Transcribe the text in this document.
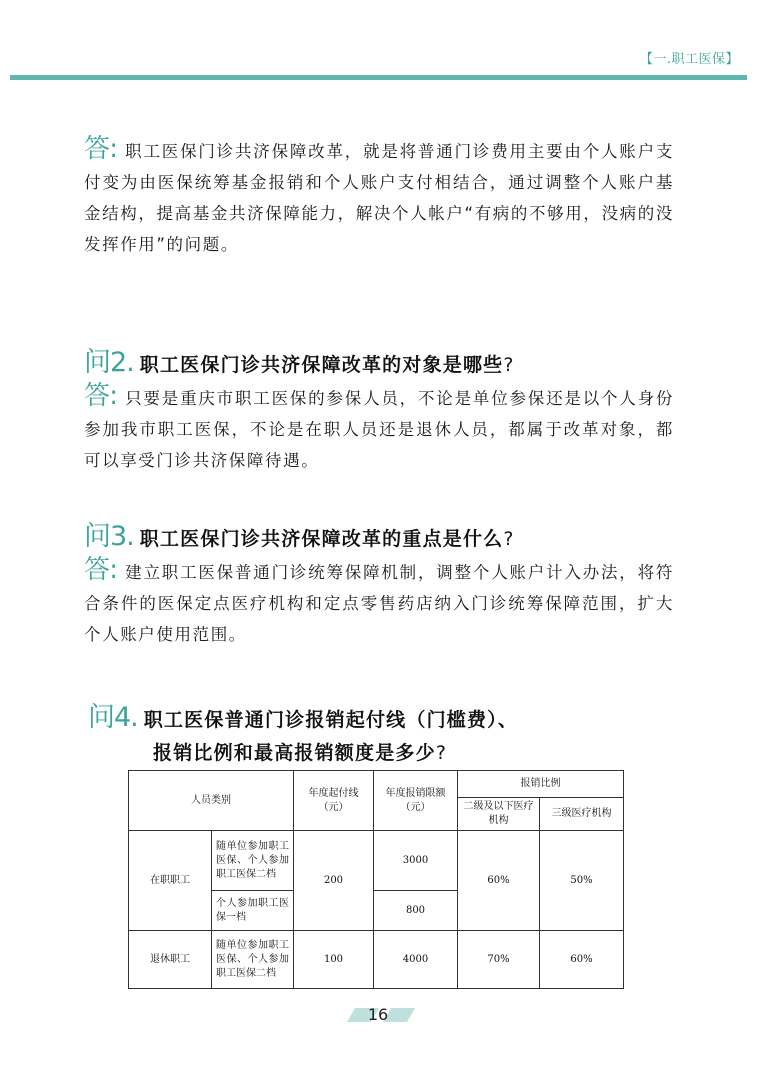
【一.职工医保】
答: 职工医保门诊共济保障改革，就是将普通门诊费用主要由个人账户支付变为由医保统筹基金报销和个人账户支付相结合，通过调整个人账户基金结构，提高基金共济保障能力，解决个人帐户“有病的不够用，没病的没发挥作用”的问题。
问2. 职工医保门诊共济保障改革的对象是哪些 ?
答: 只要是重庆市职工医保的参保人员，不论是单位参保还是以个人身份参加我市职工医保，不论是在职人员还是退休人员，都属于改革对象，都可以享受门诊共济保障待遇。
问3. 职工医保门诊共济保障改革的重点是什么 ?
答: 建立职工医保普通门诊统筹保障机制，调整个人账户计入办法，将符合条件的医保定点医疗机构和定点零售药店纳入门诊统筹保障范围，扩大个人账户使用范围。
问4. 职工医保普通门诊报销起付线（门槛费）、
报销比例和最高报销额度是多少?
人员类别		年度起付线（元）	年度报销限额（元）	报销比例	
				二级及以下医疗机构	三级医疗机构
在职职工	随单位参加职工医保、个人参加职工医保二档	200	3000	60%	50%
	个人参加职工医保一档		800		
退休职工	随单位参加职工医保、个人参加职工医保二档	100	4000	70%	60%
16
